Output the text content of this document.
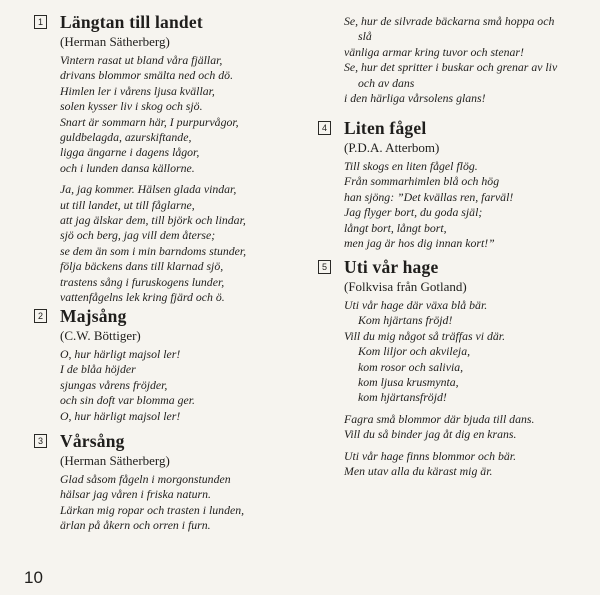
1 Längtan till landet
(Herman Sätherberg)
Vintern rasat ut bland våra fjällar,
drivans blommor smälta ned och dö.
Himlen ler i vårens ljusa kvällar,
solen kysser liv i skog och sjö.
Snart är sommarn här, I purpurvågor,
guldbelagda, azurskiftande,
ligga ängarne i dagens lågor,
och i lunden dansa källorne.
Ja, jag kommer. Hälsen glada vindar,
ut till landet, ut till fåglarne,
att jag älskar dem, till björk och lindar,
sjö och berg, jag vill dem återse;
se dem än som i min barndoms stunder,
följa bäckens dans till klarnad sjö,
trastens sång i furuskogens lunder,
vattenfågelns lek kring fjärd och ö.
2 Majsång
(C.W. Böttiger)
O, hur härligt majsol ler!
I de blåa höjder
sjungas vårens fröjder,
och sin doft var blomma ger.
O, hur härligt majsol ler!
3 Vårsång
(Herman Sätherberg)
Glad såsom fågeln i morgonstunden
hälsar jag våren i friska naturn.
Lärkan mig ropar och trasten i lunden,
ärlan på åkern och orren i furn.
Se, hur de silvrade bäckarna små hoppa och
slå
vänliga armar kring tuvor och stenar!
Se, hur det spritter i buskar och grenar av liv
och av dans
i den härliga vårsolens glans!
4 Liten fågel
(P.D.A. Atterbom)
Till skogs en liten fågel flög.
Från sommarhimlen blå och hög
han sjöng: ”Det kvällas ren, farväl!
Jag flyger bort, du goda själ;
långt bort, långt bort,
men jag är hos dig innan kort!”
5 Uti vår hage
(Folkvisa från Gotland)
Uti vår hage där växa blå bär.
Kom hjärtans fröjd!
Vill du mig något så träffas vi där.
Kom liljor och akvileja,
kom rosor och salivia,
kom ljusa krusmynta,
kom hjärtansfröjd!
Fagra små blommor där bjuda till dans.
Vill du så binder jag åt dig en krans.
Uti vår hage finns blommor och bär.
Men utav alla du kärast mig är.
10
